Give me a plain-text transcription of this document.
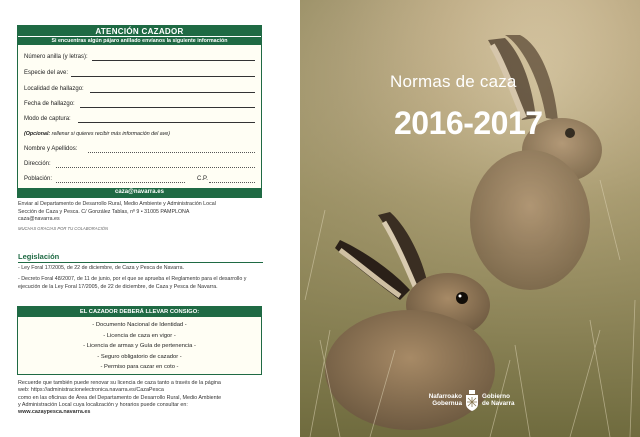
ATENCIÓN CAZADOR
Si encuentras algún pájaro anillado envíanos la siguiente información
Número anilla (y letras):
Especie del ave:
Localidad de hallazgo:
Fecha de hallazgo:
Modo de captura:
(Opcional: rellenar si quieres recibir más información del ave)
Nombre y Apellidos:
Dirección:
Población:	C.P.
caza@navarra.es
Enviar al Departamento de Desarrollo Rural, Medio Ambiente y Administración Local
Sección de Caza y Pesca. C/ González Tablas, nº 9 • 31005 PAMPLONA
caza@navarra.es
MUCHAS GRACIAS POR TU COLABORACIÓN
Legislación
- Ley Foral 17/2005, de 22 de diciembre, de Caza y Pesca de Navarra.
- Decreto Foral 48/2007, de 11 de junio, por el que se aprueba el Reglamento para el desarrollo y ejecución de la Ley Foral 17/2005, de 22 de diciembre, de Caza y Pesca de Navarra.
EL CAZADOR DEBERÁ LLEVAR CONSIGO:
- Documento Nacional de Identidad -
- Licencia de caza en vigor -
- Licencia de armas y Guía de pertenencia -
- Seguro obligatorio de cazador -
- Permiso para cazar en coto -
Recuerde que también puede renovar su licencia de caza tanto a través de la página
web: https://administracionelectronica.navarra.es/CazaPesca
como en las oficinas de Área del Departamento de Desarrollo Rural, Medio Ambiente
y Administración Local cuya localización y horarios puede consultar en:
www.cazaypesca.navarra.es
Normas de caza
2016-2017
Nafarroako
Gobernua
Gobierno
de Navarra
